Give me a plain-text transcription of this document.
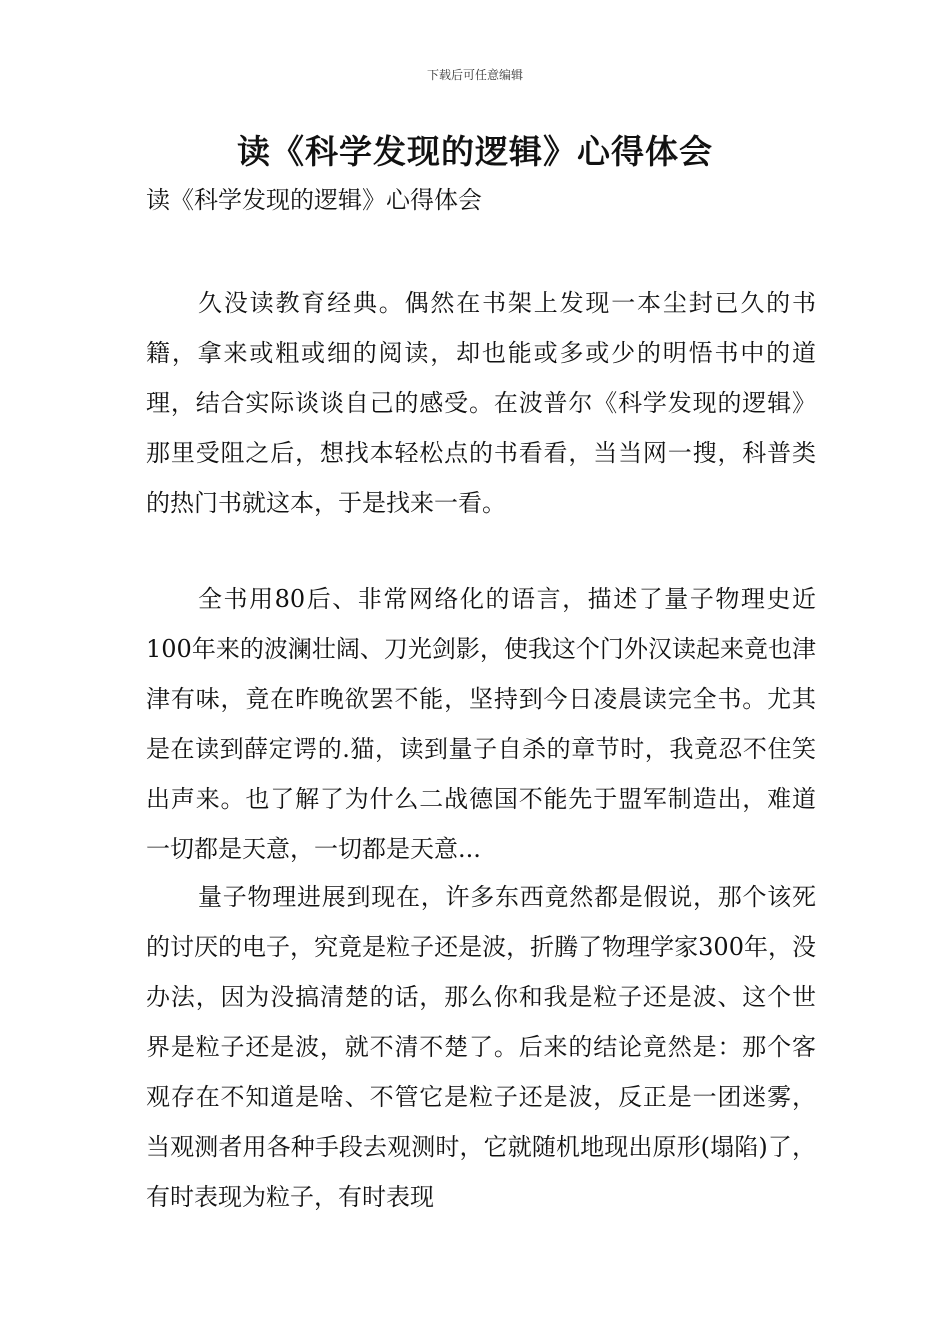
下载后可任意编辑
读《科学发现的逻辑》心得体会
读《科学发现的逻辑》心得体会

久没读教育经典。偶然在书架上发现一本尘封已久的书籍，拿来或粗或细的阅读，却也能或多或少的明悟书中的道理，结合实际谈谈自己的感受。在波普尔《科学发现的逻辑》那里受阻之后，想找本轻松点的书看看，当当网一搜，科普类的热门书就这本，于是找来一看。

全书用80后、非常网络化的语言，描述了量子物理史近100年来的波澜壮阔、刀光剑影，使我这个门外汉读起来竟也津津有味，竟在昨晚欲罢不能，坚持到今日凌晨读完全书。尤其是在读到薛定谔的.猫，读到量子自杀的章节时，我竟忍不住笑出声来。也了解了为什么二战德国不能先于盟军制造出，难道一切都是天意，一切都是天意...

量子物理进展到现在，许多东西竟然都是假说，那个该死的讨厌的电子，究竟是粒子还是波，折腾了物理学家300年，没办法，因为没搞清楚的话，那么你和我是粒子还是波、这个世界是粒子还是波，就不清不楚了。后来的结论竟然是：那个客观存在不知道是啥、不管它是粒子还是波，反正是一团迷雾，当观测者用各种手段去观测时，它就随机地现出原形(塌陷)了，有时表现为粒子，有时表现
